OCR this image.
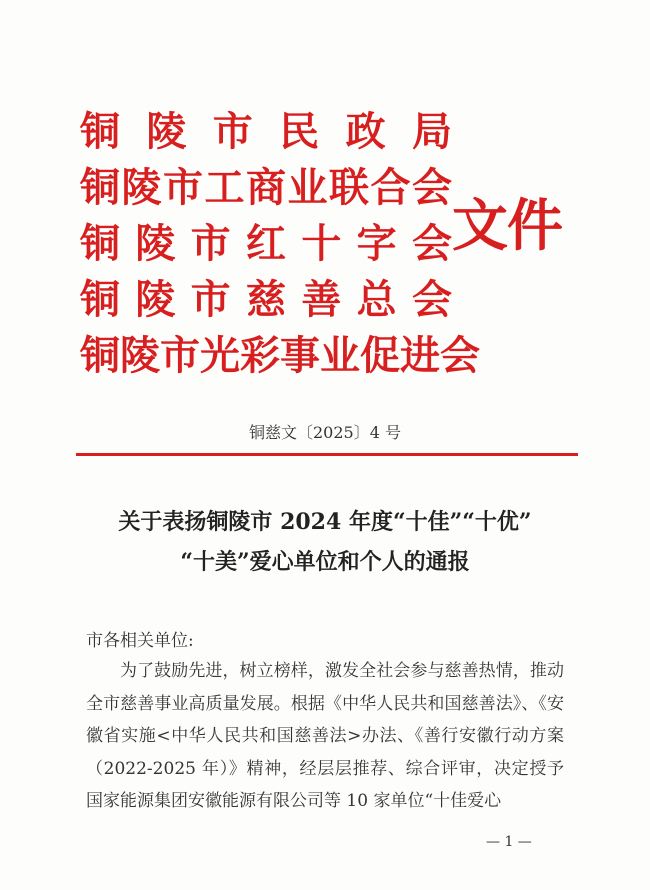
铜 陵 市 民 政 局
铜 陵 市 工 商 业 联 合 会
铜 陵 市 红 十 字 会
铜 陵 市 慈 善 总 会
铜 陵 市 光 彩 事 业 促 进 会
文件
铜慈文〔2025〕4 号
关于表扬铜陵市 2024 年度“十佳”“十优”
“十美”爱心单位和个人的通报
市各相关单位:

为了鼓励先进，树立榜样，激发全社会参与慈善热情，推动全市慈善事业高质量发展。根据《中华人民共和国慈善法》、《安徽省实施<中华人民共和国慈善法>办法、《善行安徽行动方案（2022-2025 年）》精神，经层层推荐、综合评审，决定授予国家能源集团安徽能源有限公司等 10 家单位“十佳爱心

— 1 —
